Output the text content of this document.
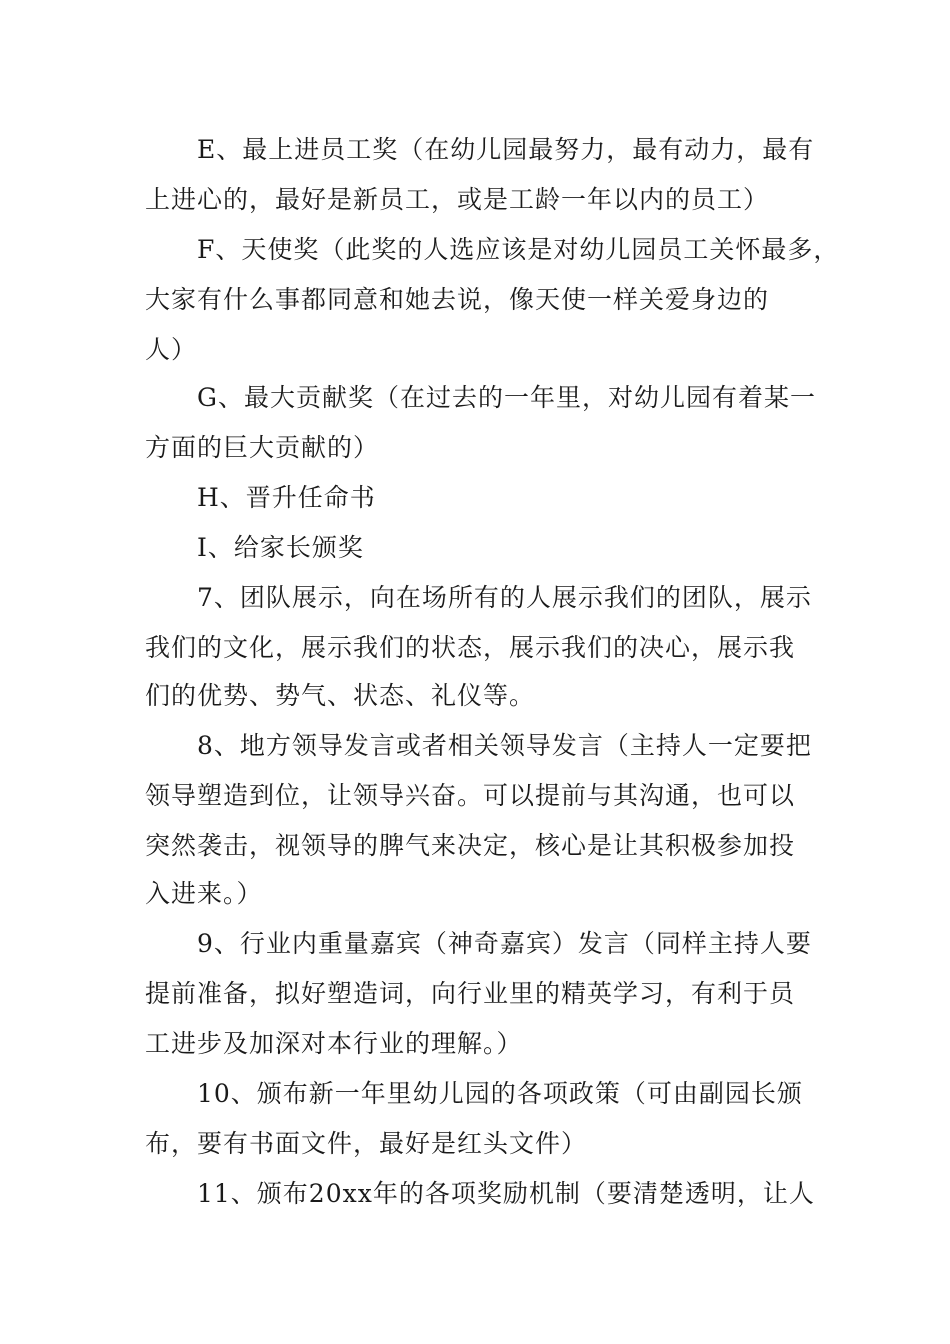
E、最上进员工奖（在幼儿园最努力，最有动力，最有
上进心的，最好是新员工，或是工龄一年以内的员工）
F、天使奖（此奖的人选应该是对幼儿园员工关怀最多，
大家有什么事都同意和她去说，像天使一样关爱身边的
人）
G、最大贡献奖（在过去的一年里，对幼儿园有着某一
方面的巨大贡献的）
H、晋升任命书
I、给家长颁奖
7、团队展示，向在场所有的人展示我们的团队，展示
我们的文化，展示我们的状态，展示我们的决心，展示我
们的优势、势气、状态、礼仪等。
8、地方领导发言或者相关领导发言（主持人一定要把
领导塑造到位，让领导兴奋。可以提前与其沟通，也可以
突然袭击，视领导的脾气来决定，核心是让其积极参加投
入进来。）
9、行业内重量嘉宾（神奇嘉宾）发言（同样主持人要
提前准备，拟好塑造词，向行业里的精英学习，有利于员
工进步及加深对本行业的理解。）
10、颁布新一年里幼儿园的各项政策（可由副园长颁
布，要有书面文件，最好是红头文件）
11、颁布20xx年的各项奖励机制（要清楚透明，让人
